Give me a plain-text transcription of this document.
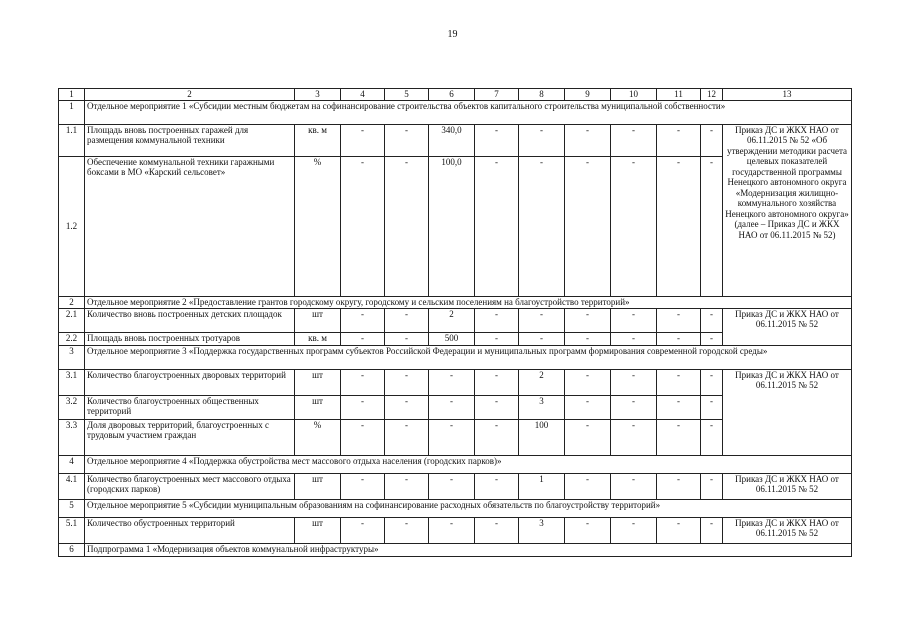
19
1	2	3	4	5	6	7	8	9	10	11	12	13
1	Отдельное мероприятие 1 «Субсидии местным бюджетам на софинансирование строительства объектов капитального строительства муниципальной собственности»											
1.1	Площадь вновь построенных гаражей для размещения коммунальной техники	кв. м	-	-	340,0	-	-	-	-	-	-	Приказ ДС и ЖКХ НАО от 06.11.2015 № 52 «Об утверждении методики расчета целевых показателей государственной программы Ненецкого автономного округа «Модернизация жилищно-коммунального хозяйства Ненецкого автономного округа» (далее – Приказ ДС и ЖКХ НАО от 06.11.2015 № 52)
1.2	Обеспечение коммунальной техники гаражными боксами в МО «Карский сельсовет»	%	-	-	100,0	-	-	-	-	-	-	
2	Отдельное мероприятие 2 «Предоставление грантов городскому округу, городскому и сельским поселениям на благоустройство территорий»											
2.1	Количество вновь построенных детских площадок	шт	-	-	2	-	-	-	-	-	-	Приказ ДС и ЖКХ НАО от 06.11.2015 № 52
2.2	Площадь вновь построенных тротуаров	кв. м	-	-	500	-	-	-	-	-	-	
3	Отдельное мероприятие 3 «Поддержка государственных программ субъектов Российской Федерации и муниципальных программ формирования современной городской среды»											
3.1	Количество благоустроенных дворовых территорий	шт	-	-	-	-	2	-	-	-	-	Приказ ДС и ЖКХ НАО от 06.11.2015 № 52
3.2	Количество благоустроенных общественных территорий	шт	-	-	-	-	3	-	-	-	-	
3.3	Доля дворовых территорий, благоустроенных с трудовым участием граждан	%	-	-	-	-	100	-	-	-	-	
4	Отдельное мероприятие 4 «Поддержка обустройства мест массового отдыха населения (городских парков)»											
4.1	Количество благоустроенных мест массового отдыха (городских парков)	шт	-	-	-	-	1	-	-	-	-	Приказ ДС и ЖКХ НАО от 06.11.2015 № 52
5	Отдельное мероприятие 5 «Субсидии муниципальным образованиям на софинансирование расходных обязательств по благоустройству территорий»											
5.1	Количество обустроенных территорий	шт	-	-	-	-	3	-	-	-	-	Приказ ДС и ЖКХ НАО от 06.11.2015 № 52
6	Подпрограмма 1 «Модернизация объектов коммунальной инфраструктуры»											
